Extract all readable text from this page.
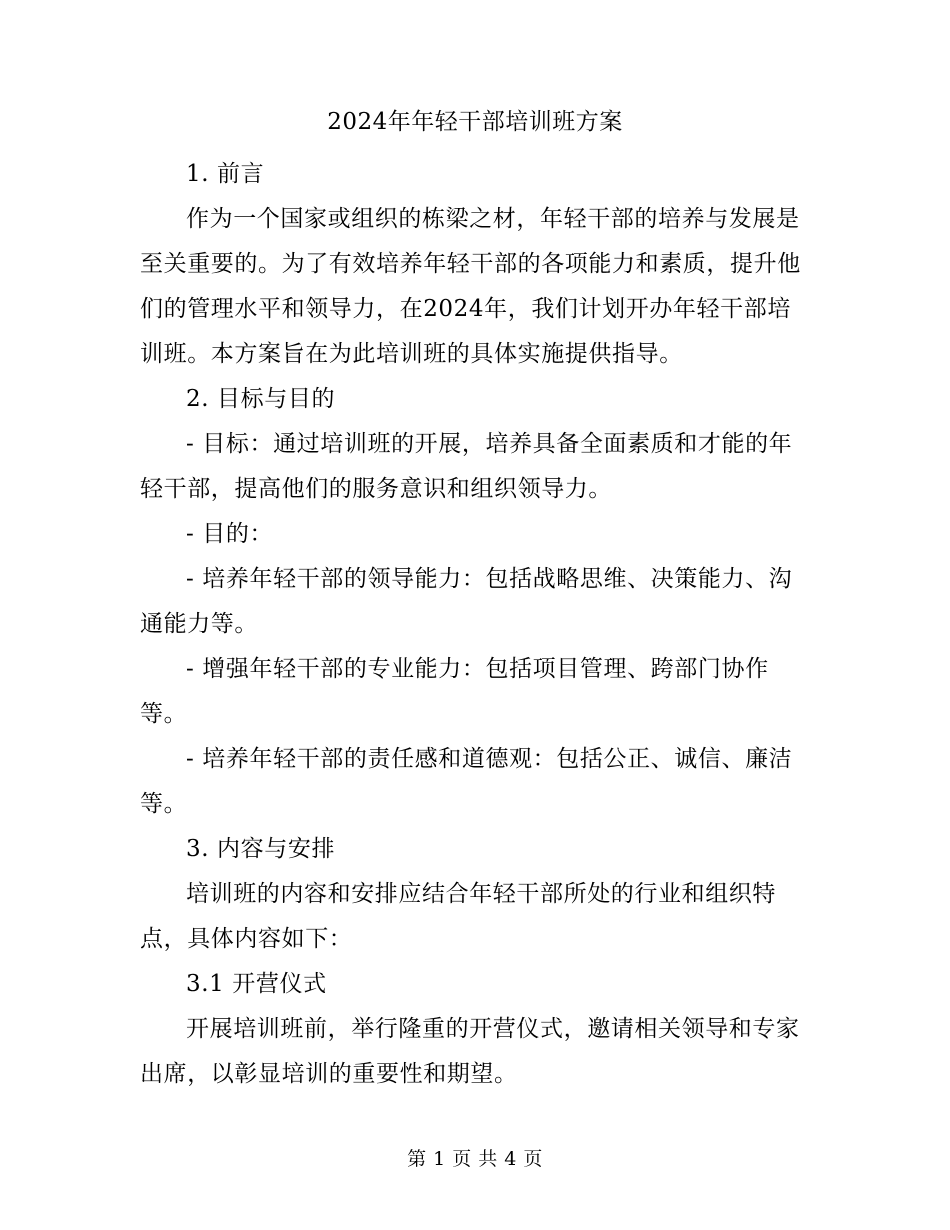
2024年年轻干部培训班方案

1. 前言

作为一个国家或组织的栋梁之材，年轻干部的培养与发展是至关重要的。为了有效培养年轻干部的各项能力和素质，提升他们的管理水平和领导力，在2024年，我们计划开办年轻干部培训班。本方案旨在为此培训班的具体实施提供指导。

2. 目标与目的

- 目标：通过培训班的开展，培养具备全面素质和才能的年轻干部，提高他们的服务意识和组织领导力。

- 目的：

- 培养年轻干部的领导能力：包括战略思维、决策能力、沟通能力等。

- 增强年轻干部的专业能力：包括项目管理、跨部门协作等。

- 培养年轻干部的责任感和道德观：包括公正、诚信、廉洁等。

3. 内容与安排

培训班的内容和安排应结合年轻干部所处的行业和组织特点，具体内容如下：

3.1 开营仪式

开展培训班前，举行隆重的开营仪式，邀请相关领导和专家出席，以彰显培训的重要性和期望。

第 1 页 共 4 页
